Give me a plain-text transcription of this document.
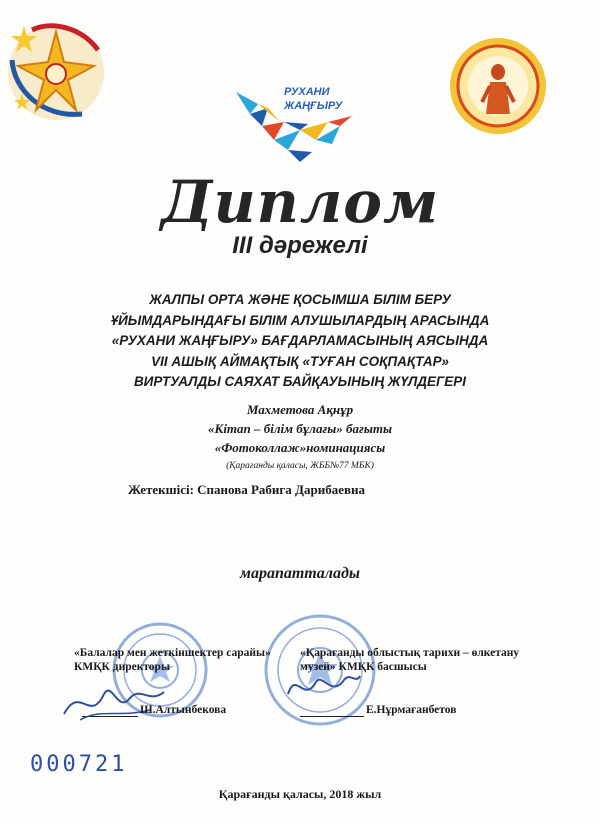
РУХАНИ
ЖАҢҒЫРУ
Диплом
III дәрежелі
ЖАЛПЫ ОРТА ЖӘНЕ ҚОСЫМША БІЛІМ БЕРУ
ҰЙЫМДАРЫНДАҒЫ БІЛІМ АЛУШЫЛАРДЫҢ АРАСЫНДА
«РУХАНИ ЖАҢҒЫРУ» БАҒДАРЛАМАСЫНЫҢ АЯСЫНДА
VII АШЫҚ АЙМАҚТЫҚ «ТУҒАН СОҚПАҚТАР»
ВИРТУАЛДЫ САЯХАТ БАЙҚАУЫНЫҢ ЖҮЛДЕГЕРІ
Махметова Ақнұр
«Кітап – білім бұлағы» бағыты
«Фотоколлаж»номинациясы
(Қарағанды қаласы, ЖББ№77 МБК)
Жетекшісі: Спанова Рабига Дарибаевна
марапатталады
«Балалар мен жеткіншектер сарайы»
КМҚК директоры
Ш.Алтынбекова
«Қарағанды облыстық тарихи – өлкетану
музей» КМҚК басшысы
Е.Нұрмағанбетов
000721
Қарағанды қаласы, 2018 жыл
